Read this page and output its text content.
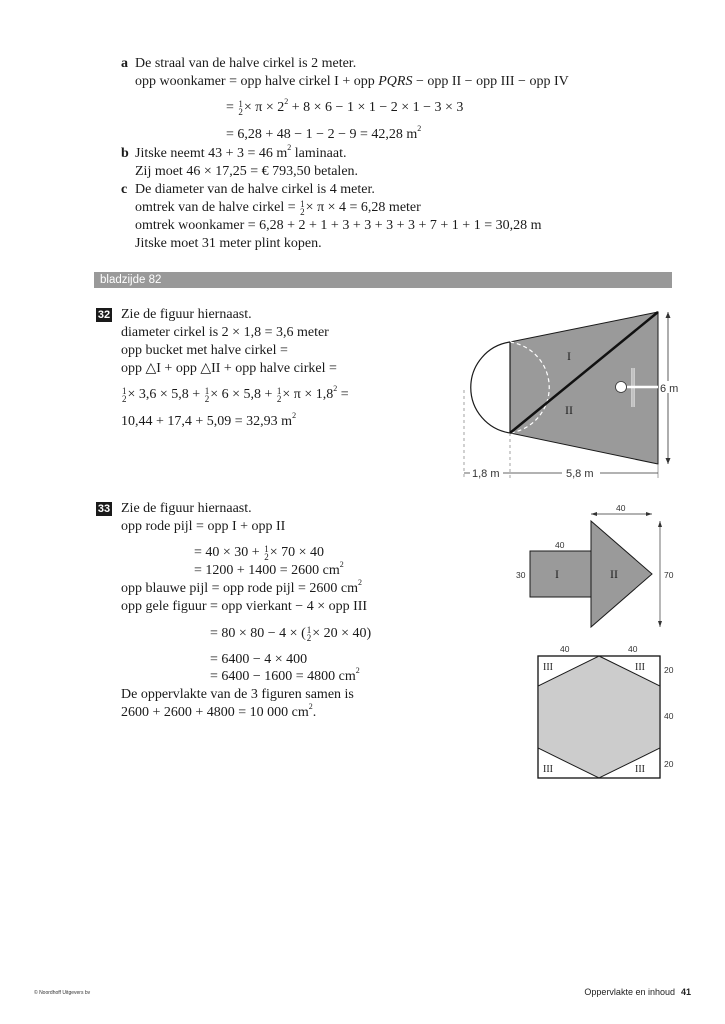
a De straal van de halve cirkel is 2 meter.
opp woonkamer = opp halve cirkel I + opp PQRS − opp II − opp III − opp IV
= 1
$2 \times \pi \times 2^2 + 8 \times 6 - 1 \times 1 - 2 \times 1 - 3 \times 3$
= 6,28 + 48 − 1 − 2 − 9 = 42,28 $m^2$
b Jitske neemt 43 + 3 = 46 $m^2$ laminaat.
Zij moet 46 × 17,25 = € 793,50 betalen.
c De diameter van de halve cirkel is 4 meter.
omtrek van de halve cirkel = 1
2 × π × 4 = 6,28 meter
omtrek woonkamer = 6,28 + 2 + 1 + 3 + 3 + 3 + 3 + 7 + 1 + 1 = 30,28 m
Jitske moet 31 meter plint kopen.
bladzijde 82
32 Zie de figuur hiernaast.
diameter cirkel is 2 × 1,8 = 3,6 meter
opp bucket met halve cirkel =
opp △I + opp △II + opp halve cirkel =
1
2 × 3,6 × 5,8 + 1
2 × 6 × 5,8 + 1
$2 \times \pi \times 1,8^2$ =
10,44 + 17,4 + 5,09 = 32,93 $m^2$
I
II
6 m
1,8 m	5,8 m
33 Zie de figuur hiernaast.
opp rode pijl = opp I + opp II
= 40 × 30 + 1
2 × 70 × 40
= 1200 + 1400 = 2600 $cm^2$
opp blauwe pijl = opp rode pijl = 2600 $cm^2$
opp gele figuur = opp vierkant − 4 × opp III
= 80 × 80 − 4 × ( 1
2 × 20 × 40)
= 6400 − 4 × 400
= 6400 − 1600 = 4800 $cm^2$
De oppervlakte van de 3 figuren samen is
2600 + 2600 + 4800 = 10 000 $cm^2$.
I	II
40
40
30	70
III	III
III	III
40	40
20
40
20
© Noordhoff Uitgevers bv	Oppervlakte en inhoud 41
